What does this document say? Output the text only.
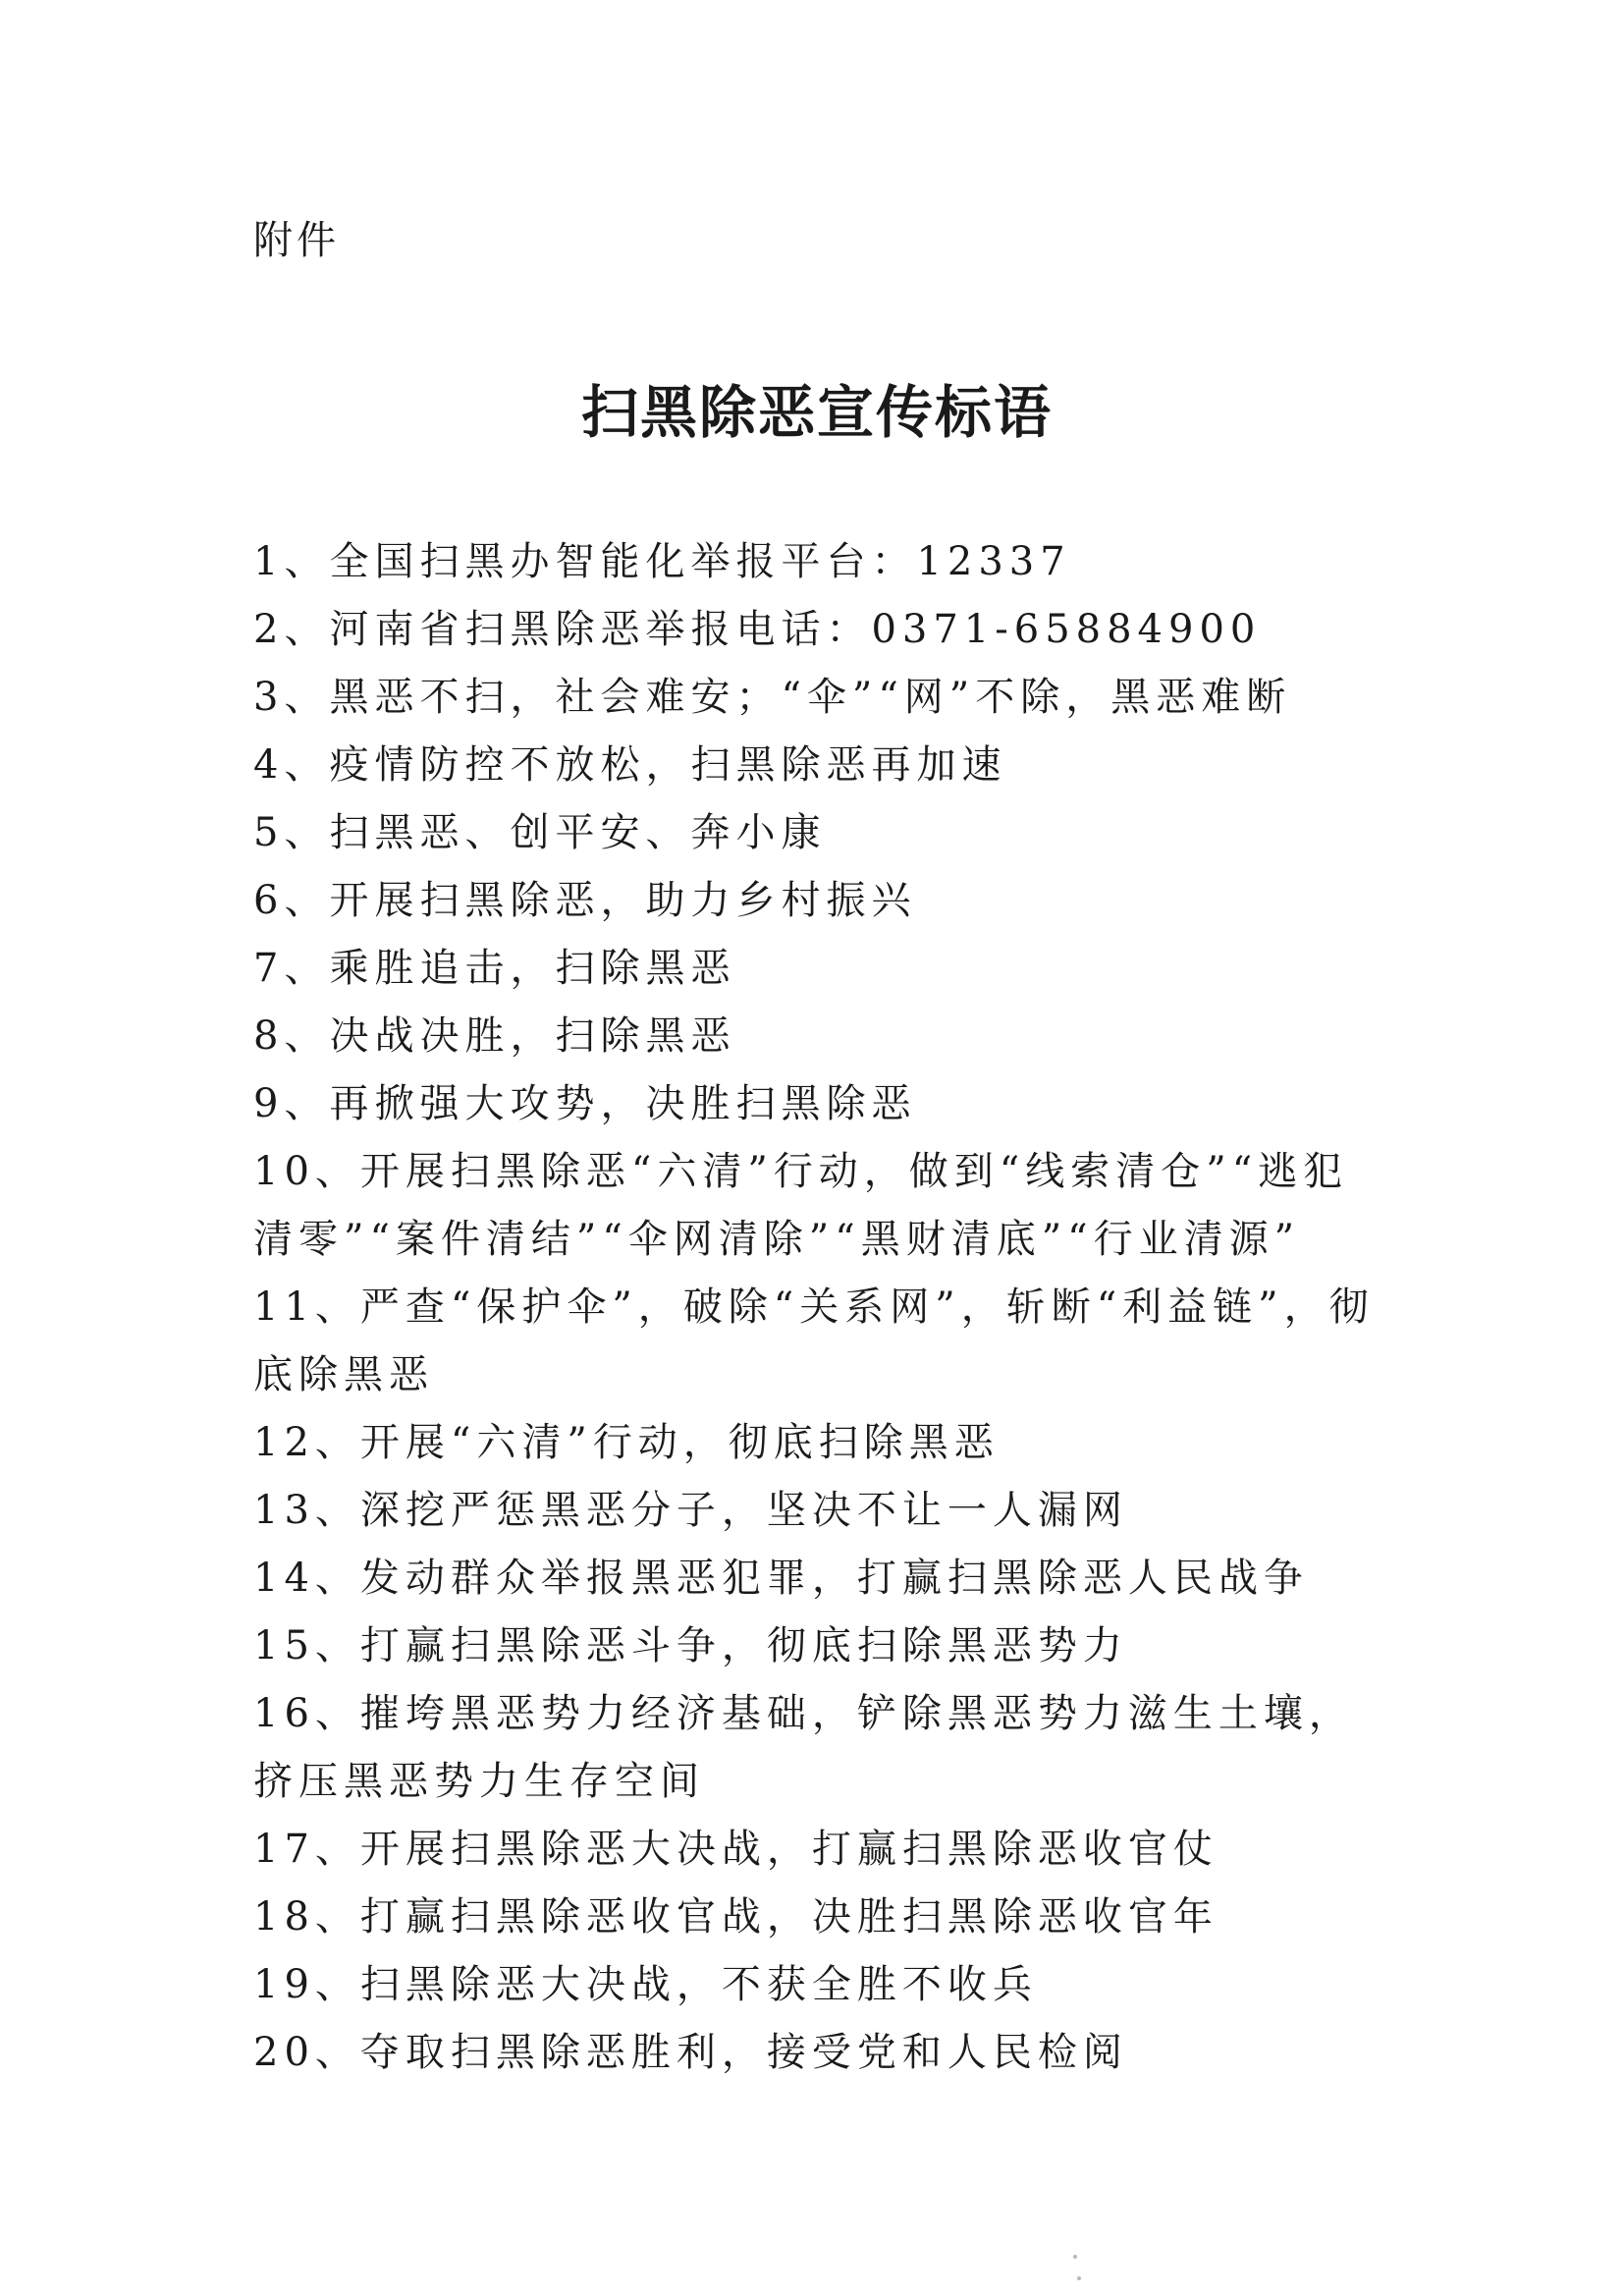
附件
扫黑除恶宣传标语
1、全国扫黑办智能化举报平台：12337
2、河南省扫黑除恶举报电话：0371-65884900
3、黑恶不扫，社会难安；“伞”“网”不除，黑恶难断
4、疫情防控不放松，扫黑除恶再加速
5、扫黑恶、创平安、奔小康
6、开展扫黑除恶，助力乡村振兴
7、乘胜追击，扫除黑恶
8、决战决胜，扫除黑恶
9、再掀强大攻势，决胜扫黑除恶
10、开展扫黑除恶“六清”行动，做到“线索清仓”“逃犯清零”“案件清结”“伞网清除”“黑财清底”“行业清源”
11、严查“保护伞”，破除“关系网”，斩断“利益链”，彻底除黑恶
12、开展“六清”行动，彻底扫除黑恶
13、深挖严惩黑恶分子，坚决不让一人漏网
14、发动群众举报黑恶犯罪，打赢扫黑除恶人民战争
15、打赢扫黑除恶斗争，彻底扫除黑恶势力
16、摧垮黑恶势力经济基础，铲除黑恶势力滋生土壤，挤压黑恶势力生存空间
17、开展扫黑除恶大决战，打赢扫黑除恶收官仗
18、打赢扫黑除恶收官战，决胜扫黑除恶收官年
19、扫黑除恶大决战，不获全胜不收兵
20、夺取扫黑除恶胜利，接受党和人民检阅
